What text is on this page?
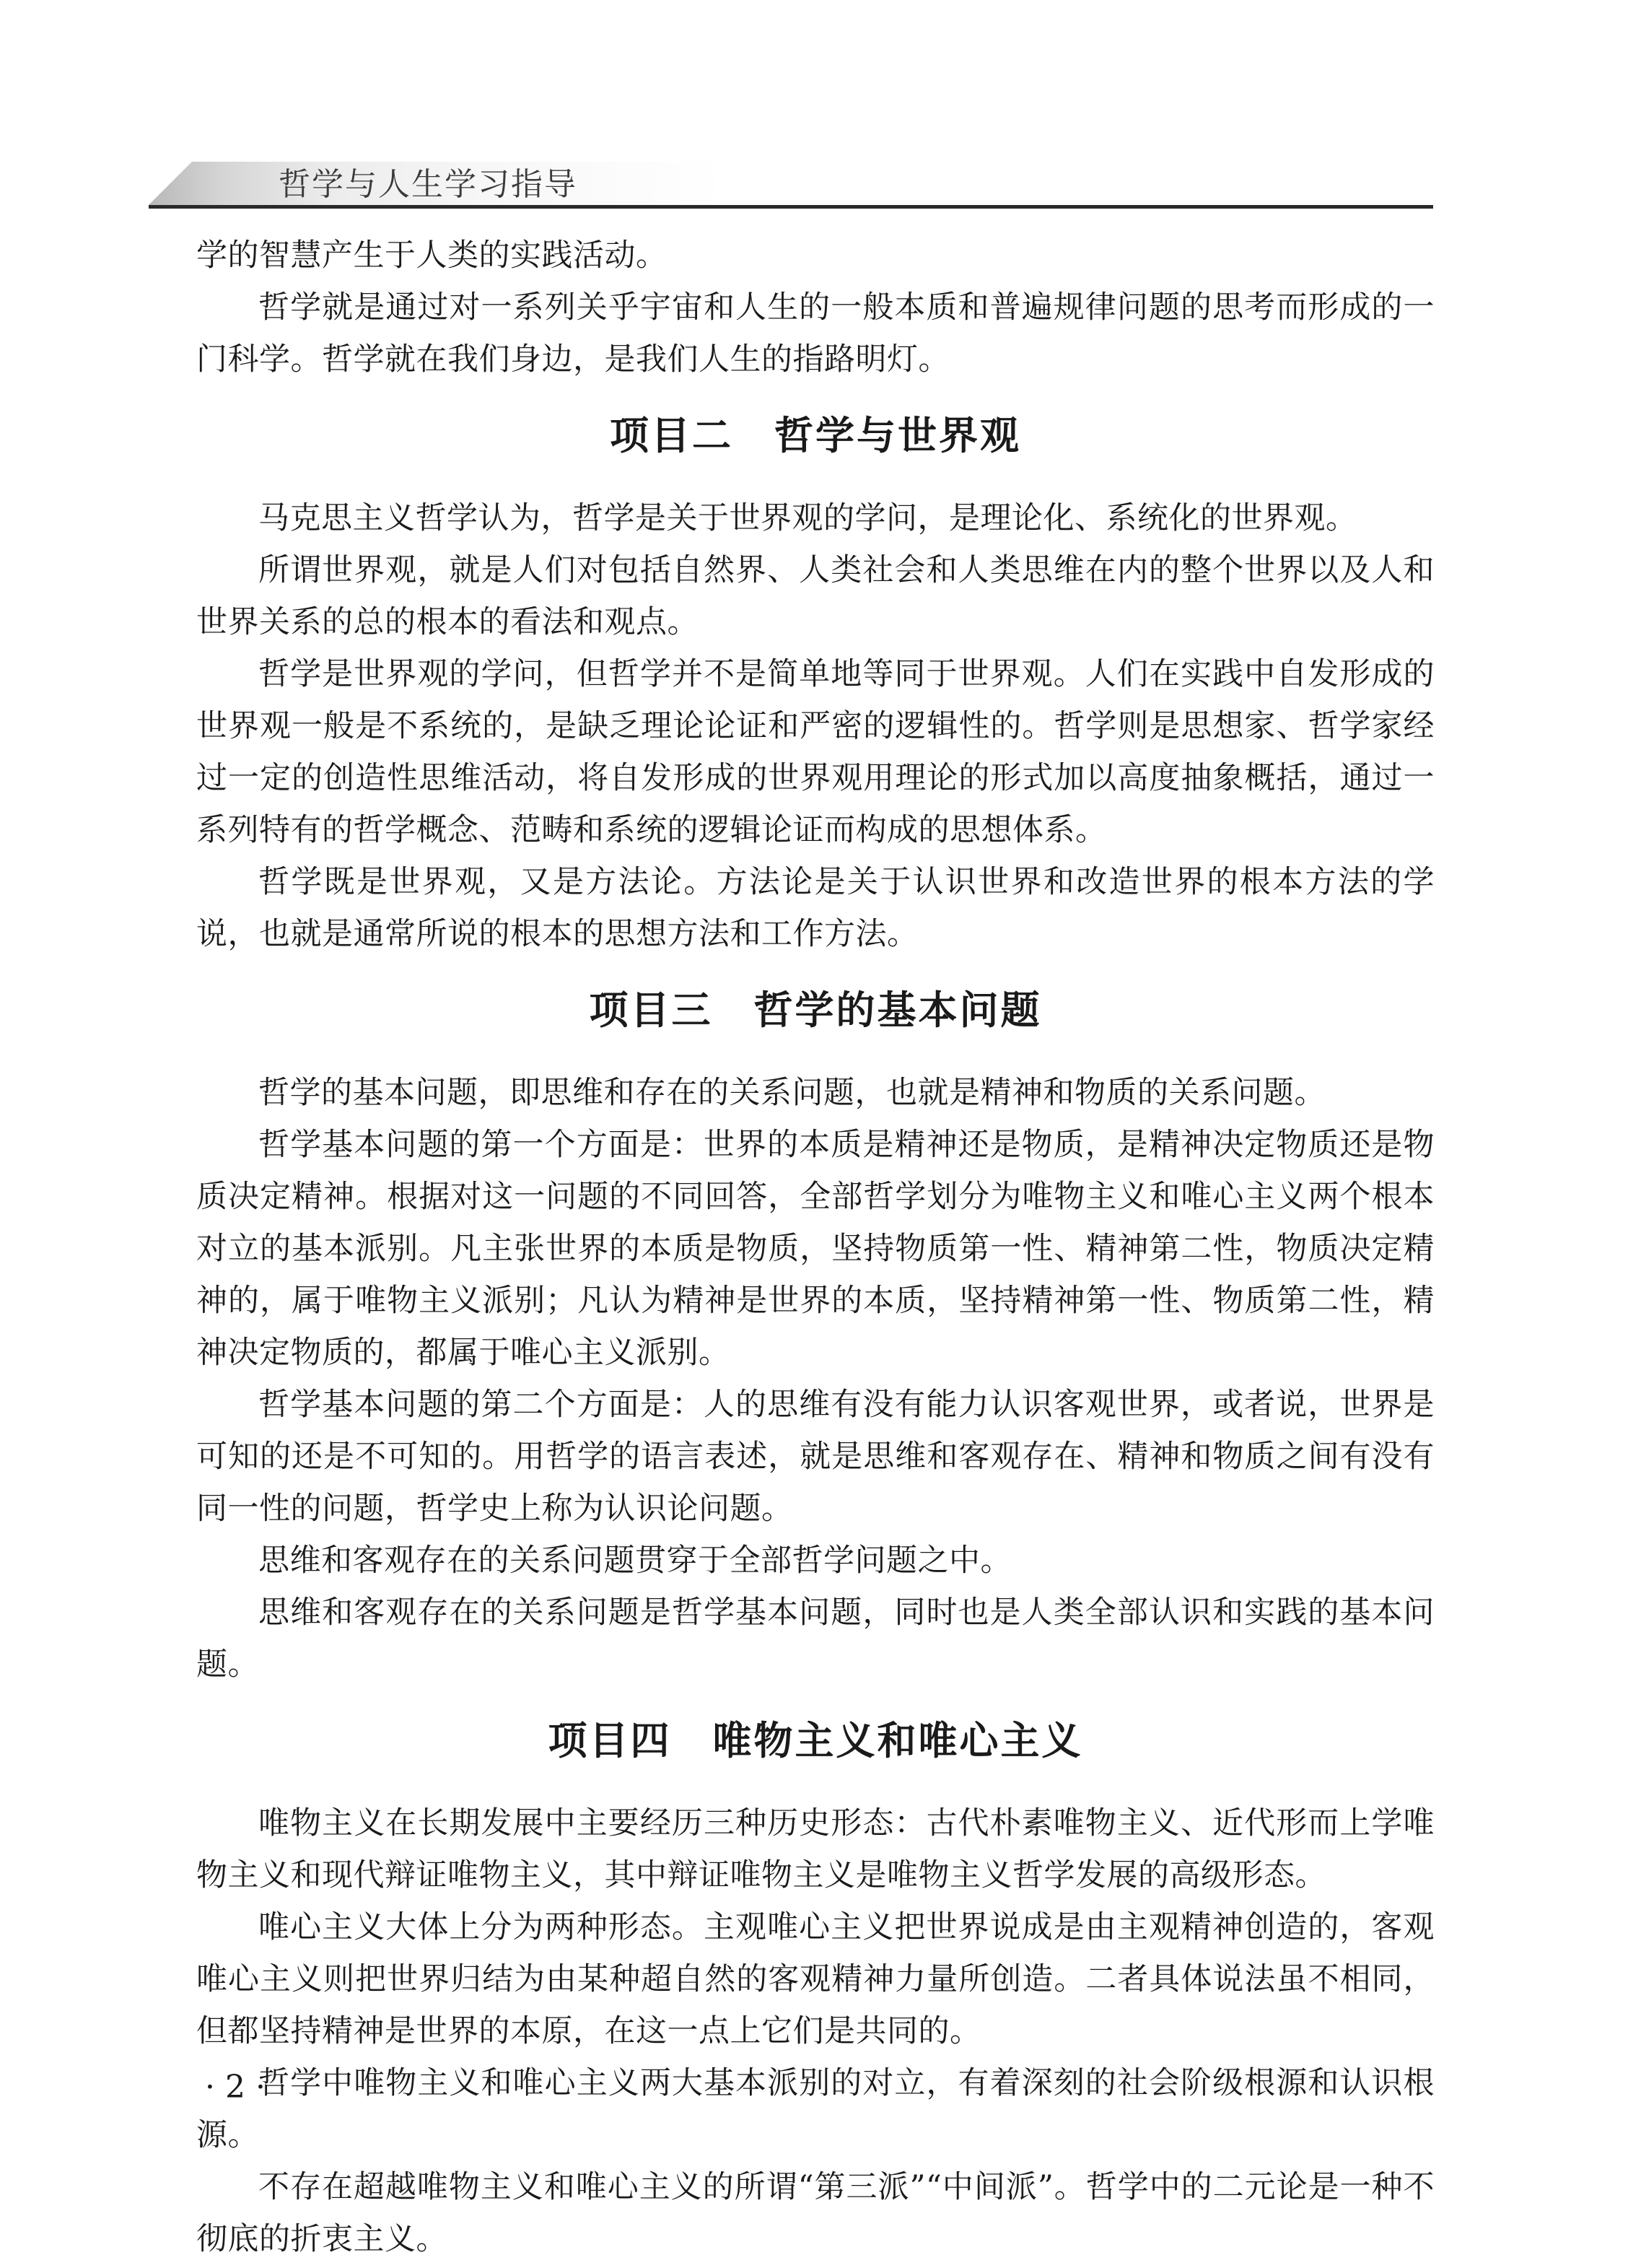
哲学与人生学习指导

学的智慧产生于人类的实践活动。

哲学就是通过对一系列关乎宇宙和人生的一般本质和普遍规律问题的思考而形成的一门科学。哲学就在我们身边，是我们人生的指路明灯。

项目二　哲学与世界观

马克思主义哲学认为，哲学是关于世界观的学问，是理论化、系统化的世界观。

所谓世界观，就是人们对包括自然界、人类社会和人类思维在内的整个世界以及人和世界关系的总的根本的看法和观点。

哲学是世界观的学问，但哲学并不是简单地等同于世界观。人们在实践中自发形成的世界观一般是不系统的，是缺乏理论论证和严密的逻辑性的。哲学则是思想家、哲学家经过一定的创造性思维活动，将自发形成的世界观用理论的形式加以高度抽象概括，通过一系列特有的哲学概念、范畴和系统的逻辑论证而构成的思想体系。

哲学既是世界观，又是方法论。方法论是关于认识世界和改造世界的根本方法的学说，也就是通常所说的根本的思想方法和工作方法。

项目三　哲学的基本问题

哲学的基本问题，即思维和存在的关系问题，也就是精神和物质的关系问题。

哲学基本问题的第一个方面是：世界的本质是精神还是物质，是精神决定物质还是物质决定精神。根据对这一问题的不同回答，全部哲学划分为唯物主义和唯心主义两个根本对立的基本派别。凡主张世界的本质是物质，坚持物质第一性、精神第二性，物质决定精神的，属于唯物主义派别；凡认为精神是世界的本质，坚持精神第一性、物质第二性，精神决定物质的，都属于唯心主义派别。

哲学基本问题的第二个方面是：人的思维有没有能力认识客观世界，或者说，世界是可知的还是不可知的。用哲学的语言表述，就是思维和客观存在、精神和物质之间有没有同一性的问题，哲学史上称为认识论问题。

思维和客观存在的关系问题贯穿于全部哲学问题之中。

思维和客观存在的关系问题是哲学基本问题，同时也是人类全部认识和实践的基本问题。

项目四　唯物主义和唯心主义

唯物主义在长期发展中主要经历三种历史形态：古代朴素唯物主义、近代形而上学唯物主义和现代辩证唯物主义，其中辩证唯物主义是唯物主义哲学发展的高级形态。

唯心主义大体上分为两种形态。主观唯心主义把世界说成是由主观精神创造的，客观唯心主义则把世界归结为由某种超自然的客观精神力量所创造。二者具体说法虽不相同，但都坚持精神是世界的本原，在这一点上它们是共同的。

哲学中唯物主义和唯心主义两大基本派别的对立，有着深刻的社会阶级根源和认识根源。

不存在超越唯物主义和唯心主义的所谓“第三派”“中间派”。哲学中的二元论是一种不彻底的折衷主义。

· 2 ·
